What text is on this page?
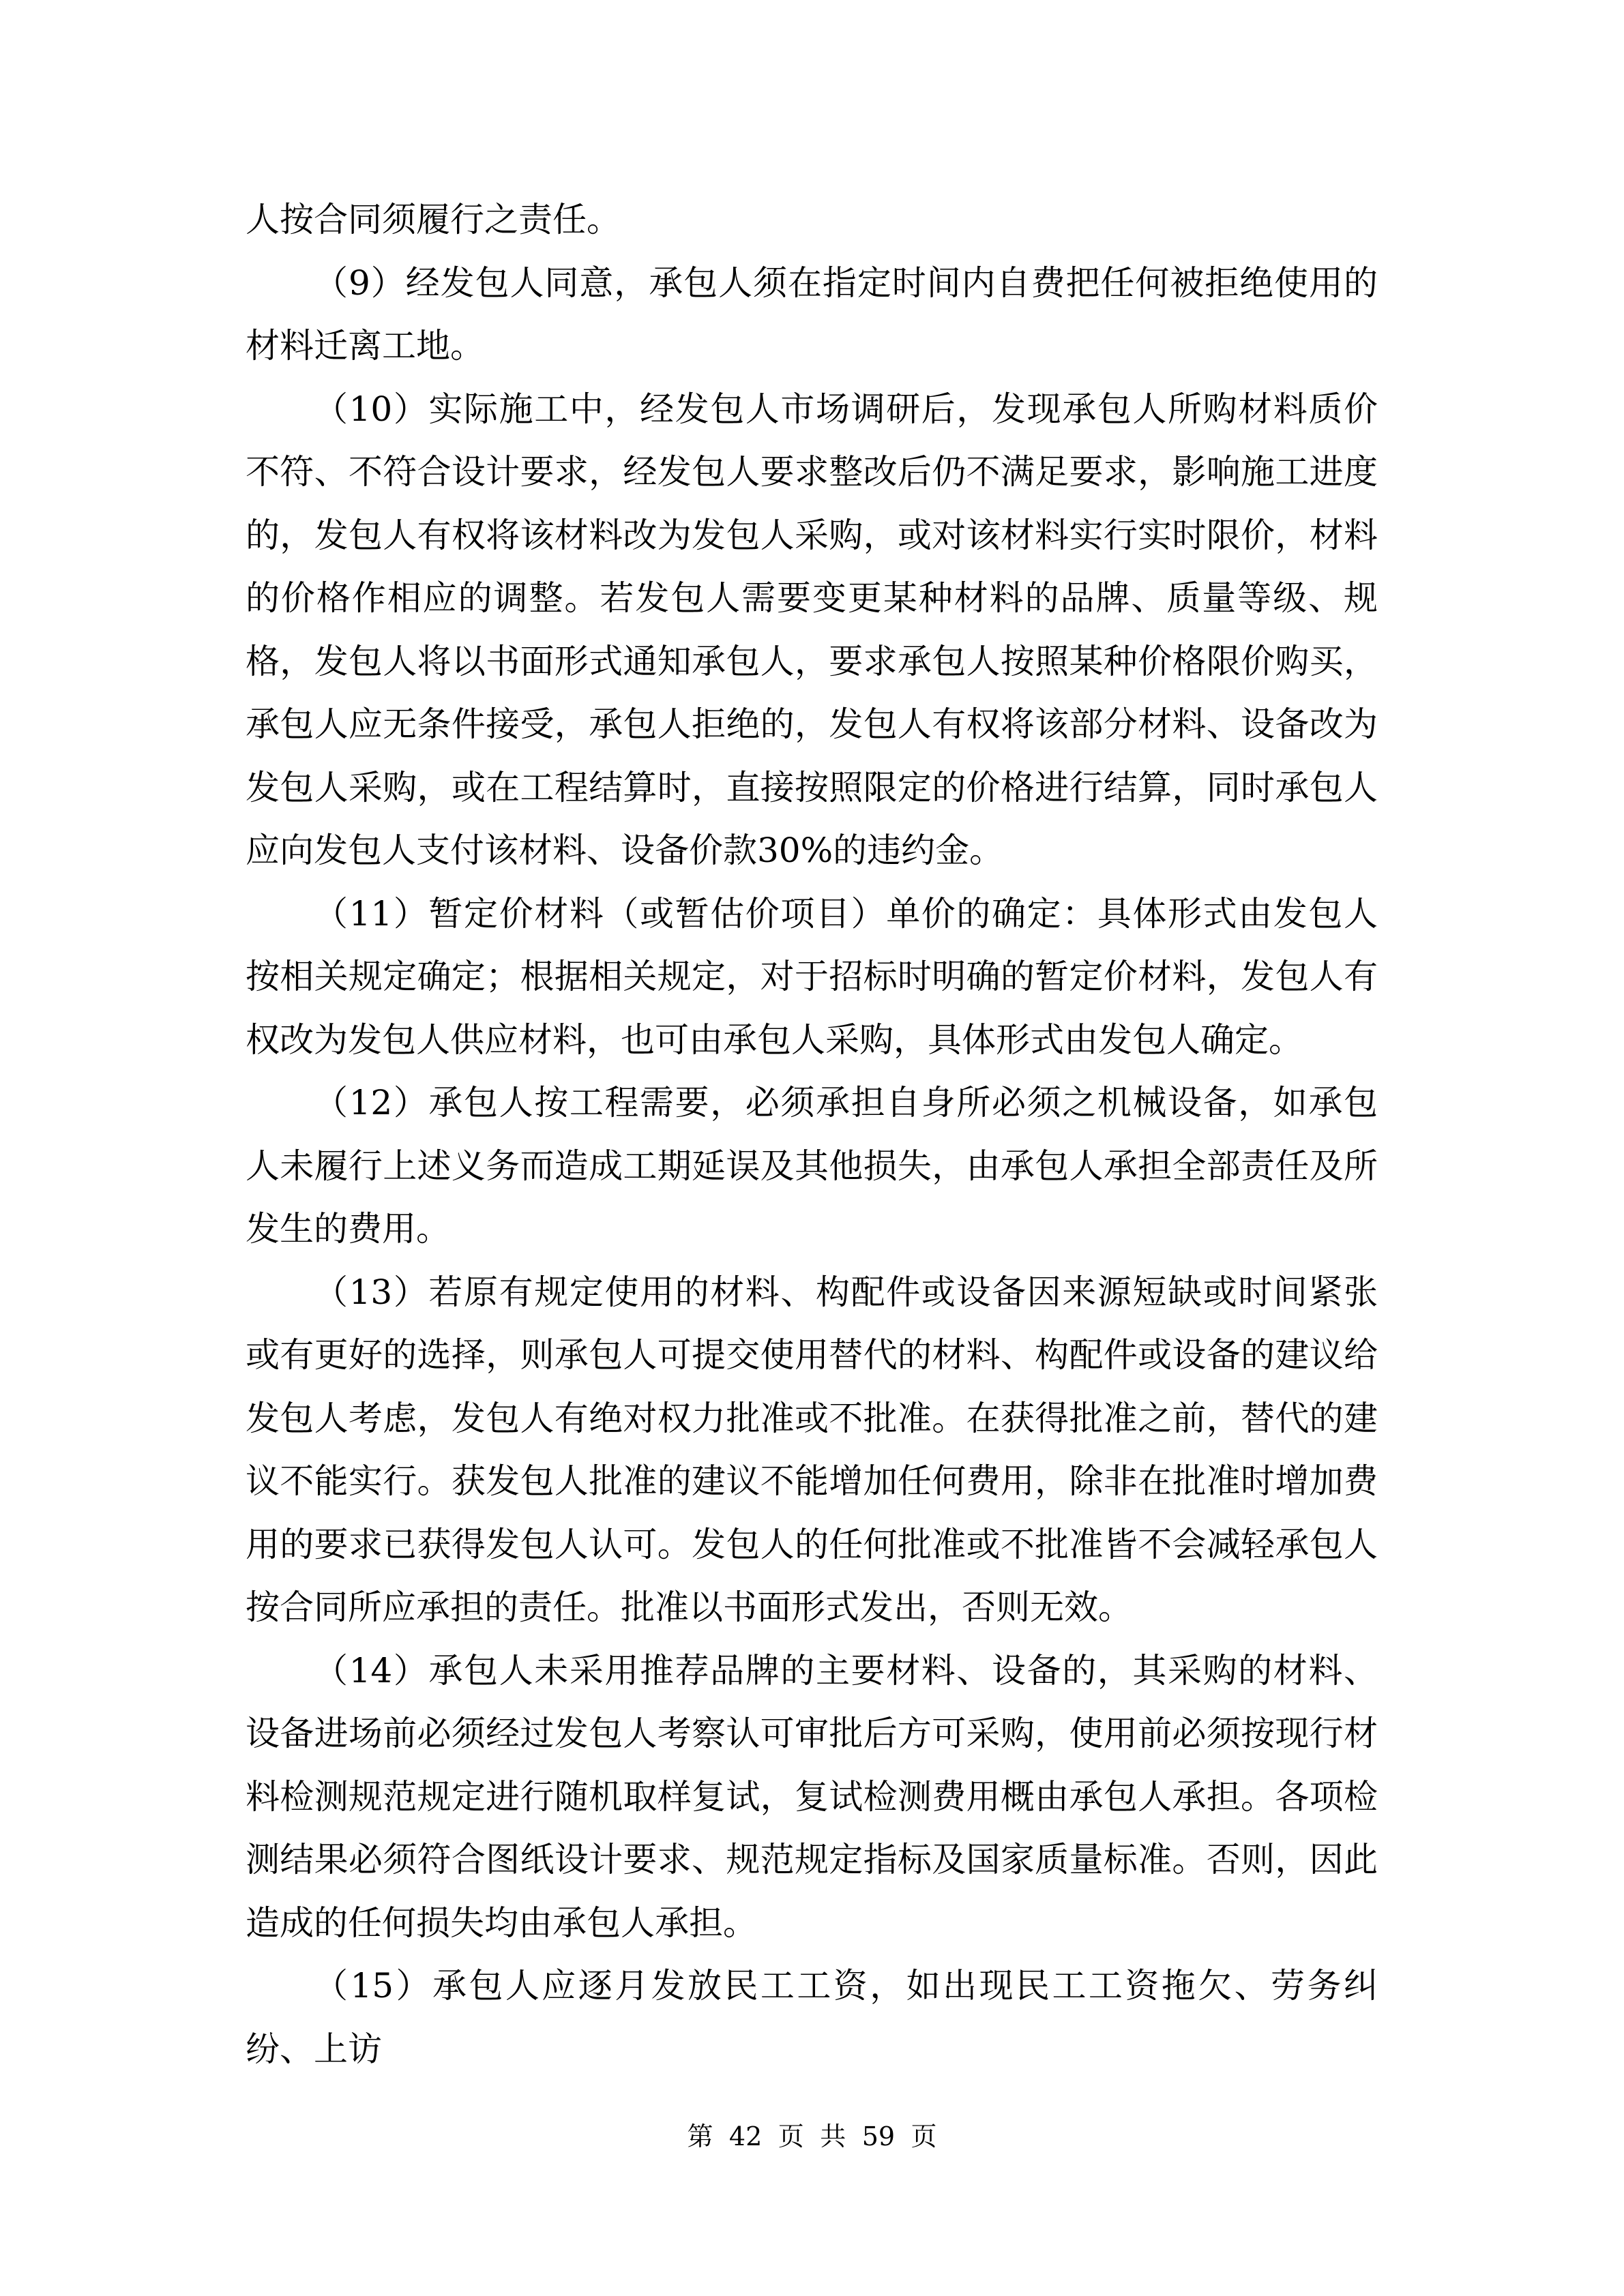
人按合同须履行之责任。

（9）经发包人同意，承包人须在指定时间内自费把任何被拒绝使用的材料迁离工地。

（10）实际施工中，经发包人市场调研后，发现承包人所购材料质价不符、不符合设计要求，经发包人要求整改后仍不满足要求，影响施工进度的，发包人有权将该材料改为发包人采购，或对该材料实行实时限价，材料的价格作相应的调整。若发包人需要变更某种材料的品牌、质量等级、规格，发包人将以书面形式通知承包人，要求承包人按照某种价格限价购买，承包人应无条件接受，承包人拒绝的，发包人有权将该部分材料、设备改为发包人采购，或在工程结算时，直接按照限定的价格进行结算，同时承包人应向发包人支付该材料、设备价款30%的违约金。

（11）暂定价材料（或暂估价项目）单价的确定：具体形式由发包人按相关规定确定；根据相关规定，对于招标时明确的暂定价材料，发包人有权改为发包人供应材料，也可由承包人采购，具体形式由发包人确定。

（12）承包人按工程需要，必须承担自身所必须之机械设备，如承包人未履行上述义务而造成工期延误及其他损失，由承包人承担全部责任及所发生的费用。

（13）若原有规定使用的材料、构配件或设备因来源短缺或时间紧张或有更好的选择，则承包人可提交使用替代的材料、构配件或设备的建议给发包人考虑，发包人有绝对权力批准或不批准。在获得批准之前，替代的建议不能实行。获发包人批准的建议不能增加任何费用，除非在批准时增加费用的要求已获得发包人认可。发包人的任何批准或不批准皆不会减轻承包人按合同所应承担的责任。批准以书面形式发出，否则无效。

（14）承包人未采用推荐品牌的主要材料、设备的，其采购的材料、设备进场前必须经过发包人考察认可审批后方可采购，使用前必须按现行材料检测规范规定进行随机取样复试，复试检测费用概由承包人承担。各项检测结果必须符合图纸设计要求、规范规定指标及国家质量标准。否则，因此造成的任何损失均由承包人承担。

（15）承包人应逐月发放民工工资，如出现民工工资拖欠、劳务纠纷、上访

第 42 页 共 59 页
